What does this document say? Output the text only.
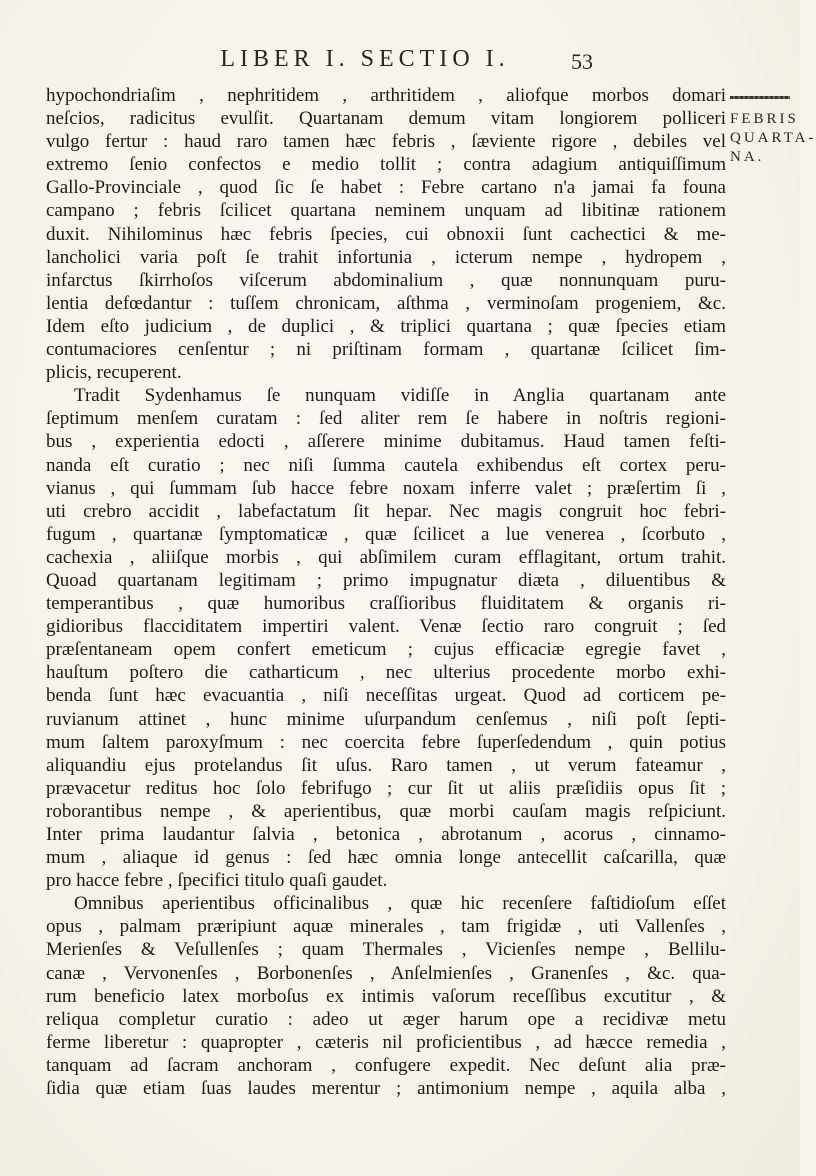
LIBER I. SECTIO I.	53
FEBRIS
QUARTA-
NA.
hypochondriaſim , nephritidem , arthritidem , aliofque morbos domari
neſcios, radicitus evulſit. Quartanam demum vitam longiorem polliceri
vulgo fertur : haud raro tamen hæc febris , ſæviente rigore , debiles vel
extremo ſenio confectos e medio tollit ; contra adagium antiquiſſimum
Gallo-Provinciale , quod ſic ſe habet : Febre cartano n'a jamai fa founa
campano ; febris ſcilicet quartana neminem unquam ad libitinæ rationem
duxit. Nihilominus hæc febris ſpecies, cui obnoxii ſunt cachectici & me-
lancholici varia poſt ſe trahit infortunia , icterum nempe , hydropem ,
infarctus ſkirrhoſos viſcerum abdominalium , quæ nonnunquam puru-
lentia defœdantur : tuſſem chronicam, aſthma , verminoſam progeniem, &c.
Idem eſto judicium , de duplici , & triplici quartana ; quæ ſpecies etiam
contumaciores cenſentur ; ni priſtinam formam , quartanæ ſcilicet ſim-
plicis, recuperent.
Tradit Sydenhamus ſe nunquam vidiſſe in Anglia quartanam ante
ſeptimum menſem curatam : ſed aliter rem ſe habere in noſtris regioni-
bus , experientia edocti , aſſerere minime dubitamus. Haud tamen feſti-
nanda eſt curatio ; nec niſi ſumma cautela exhibendus eſt cortex peru-
vianus , qui ſummam ſub hacce febre noxam inferre valet ; præſertim ſi ,
uti crebro accidit , labefactatum ſit hepar. Nec magis congruit hoc febri-
fugum , quartanæ ſymptomaticæ , quæ ſcilicet a lue venerea , ſcorbuto ,
cachexia , aliiſque morbis , qui abſimilem curam efflagitant, ortum trahit.
Quoad quartanam legitimam ; primo impugnatur diæta , diluentibus &
temperantibus , quæ humoribus craſſioribus fluiditatem & organis ri-
gidioribus flacciditatem impertiri valent. Venæ ſectio raro congruit ; ſed
præſentaneam opem confert emeticum ; cujus efficaciæ egregie favet ,
hauſtum poſtero die catharticum , nec ulterius procedente morbo exhi-
benda ſunt hæc evacuantia , niſi neceſſitas urgeat. Quod ad corticem pe-
ruvianum attinet , hunc minime uſurpandum cenſemus , niſi poſt ſepti-
mum ſaltem paroxyſmum : nec coercita febre ſuperſedendum , quin potius
aliquandiu ejus protelandus ſit uſus. Raro tamen , ut verum fateamur ,
prævacetur reditus hoc ſolo febrifugo ; cur ſit ut aliis præſidiis opus ſit ;
roborantibus nempe , & aperientibus, quæ morbi cauſam magis reſpiciunt.
Inter prima laudantur ſalvia , betonica , abrotanum , acorus , cinnamo-
mum , aliaque id genus : ſed hæc omnia longe antecellit caſcarilla, quæ
pro hacce febre , ſpecifici titulo quaſi gaudet.
Omnibus aperientibus officinalibus , quæ hic recenſere faſtidioſum eſſet
opus , palmam præripiunt aquæ minerales , tam frigidæ , uti Vallenſes ,
Merienſes & Veſullenſes ; quam Thermales , Vicienſes nempe , Bellilu-
canæ , Vervonenſes , Borbonenſes , Anſelmienſes , Granenſes , &c. qua-
rum beneficio latex morboſus ex intimis vaſorum receſſibus excutitur , &
reliqua completur curatio : adeo ut æger harum ope a recidivæ metu
ferme liberetur : quapropter , cæteris nil proficientibus , ad hæcce remedia ,
tanquam ad ſacram anchoram , confugere expedit. Nec deſunt alia præ-
ſidia quæ etiam ſuas laudes merentur ; antimonium nempe , aquila alba ,
